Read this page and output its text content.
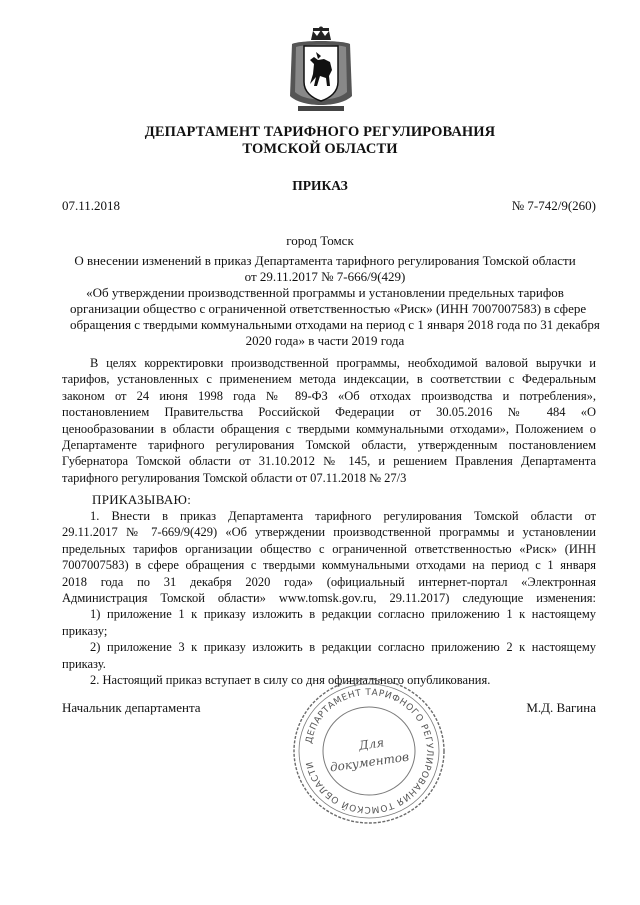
ДЕПАРТАМЕНТ ТАРИФНОГО РЕГУЛИРОВАНИЯ
ТОМСКОЙ ОБЛАСТИ
ПРИКАЗ
07.11.2018	№ 7-742/9(260)
город Томск
О внесении изменений в приказ Департамента тарифного регулирования Томской области
от 29.11.2017 № 7-666/9(429)
«Об утверждении производственной программы и установлении предельных тарифов
организации общество с ограниченной ответственностью «Риск» (ИНН 7007007583) в сфере
обращения с твердыми коммунальными отходами на период с 1 января 2018 года по 31 декабря
2020 года» в части 2019 года
В целях корректировки производственной программы, необходимой валовой выручки и
тарифов, установленных с применением метода индексации, в соответствии с Федеральным
законом от 24 июня 1998 года № 89-ФЗ «Об отходах производства и потребления»,
постановлением Правительства Российской Федерации от 30.05.2016 № 484 «О
ценообразовании в области обращения с твердыми коммунальными отходами», Положением о
Департаменте тарифного регулирования Томской области, утвержденным постановлением
Губернатора Томской области от 31.10.2012 № 145, и решением Правления Департамента
тарифного регулирования Томской области от 07.11.2018 № 27/3
ПРИКАЗЫВАЮ:
1. Внести в приказ Департамента тарифного регулирования Томской области от
29.11.2017 № 7-669/9(429) «Об утверждении производственной программы и установлении
предельных тарифов организации общество с ограниченной ответственностью «Риск» (ИНН
7007007583) в сфере обращения с твердыми коммунальными отходами на период с 1 января
2018 года по 31 декабря 2020 года» (официальный интернет-портал «Электронная
Администрация Томской области» www.tomsk.gov.ru, 29.11.2017) следующие изменения:
1) приложение 1 к приказу изложить в редакции согласно приложению 1 к настоящему
приказу;
2) приложение 3 к приказу изложить в редакции согласно приложению 2 к настоящему
приказу.
2. Настоящий приказ вступает в силу со дня официального опубликования.
Начальник департамента	М.Д. Вагина
ДЕПАРТАМЕНТ ТАРИФНОГО РЕГУЛИРОВАНИЯ ТОМСКОЙ ОБЛАСТИ
Для
документов
